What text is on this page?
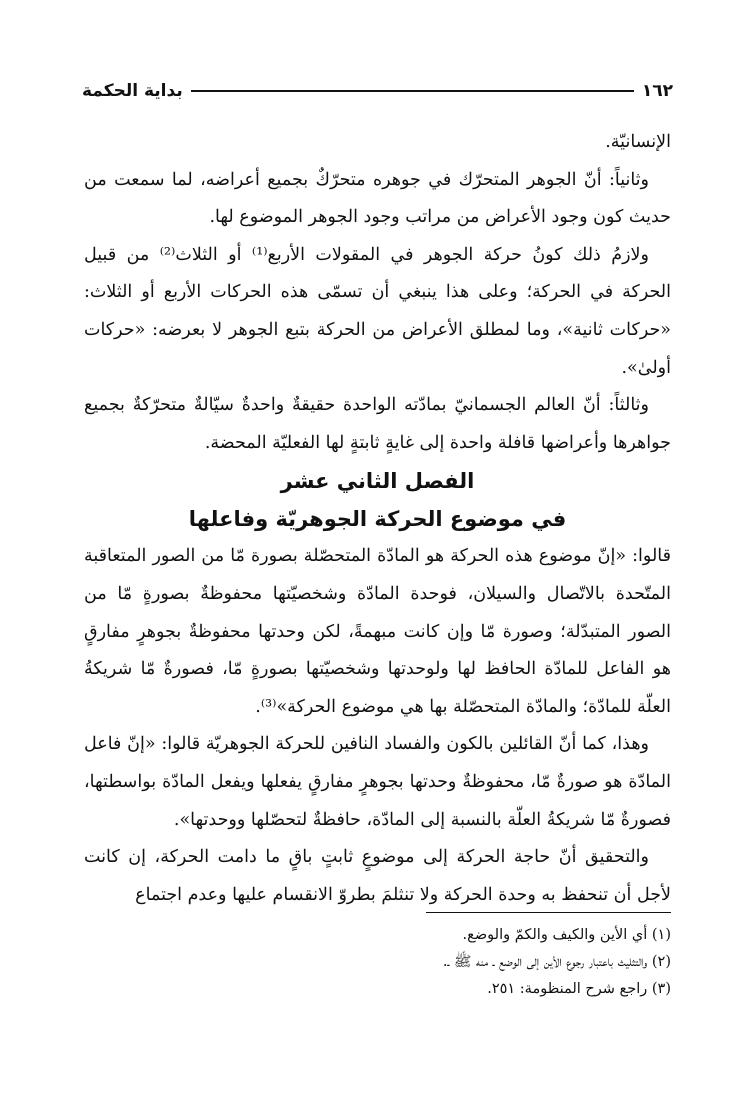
١٦٢
بداية الحكمة

الإنسانيّة.

وثانياً: أنّ الجوهر المتحرّك في جوهره متحرّكٌ بجميع أعراضه، لما سمعت من حديث كون وجود الأعراض من مراتب وجود الجوهر الموضوع لها.

ولازمُ ذلك كونُ حركة الجوهر في المقولات الأربع⁽¹⁾ أو الثلاث⁽²⁾ من قبيل الحركة في الحركة؛ وعلى هذا ينبغي أن تسمّى هذه الحركات الأربع أو الثلاث: «حركات ثانية»، وما لمطلق الأعراض من الحركة بتبع الجوهر لا بعرضه: «حركات أولىٰ».

وثالثاً: أنّ العالم الجسمانيّ بمادّته الواحدة حقيقةٌ واحدةٌ سيّالةٌ متحرّكةٌ بجميع جواهرها وأعراضها قافلة واحدة إلى غايةٍ ثابتةٍ لها الفعليّة المحضة.

الفصل الثاني عشر
في موضوع الحركة الجوهريّة وفاعلها

قالوا: «إنّ موضوع هذه الحركة هو المادّة المتحصّلة بصورة مّا من الصور المتعاقبة المتّحدة بالاتّصال والسيلان، فوحدة المادّة وشخصيّتها محفوظةٌ بصورةٍ مّا من الصور المتبدّلة؛ وصورة مّا وإن كانت مبهمةً، لكن وحدتها محفوظةٌ بجوهرٍ مفارقٍ هو الفاعل للمادّة الحافظ لها ولوحدتها وشخصيّتها بصورةٍ مّا، فصورةٌ مّا شريكةُ العلّة للمادّة؛ والمادّة المتحصّلة بها هي موضوع الحركة»⁽³⁾.

وهذا، كما أنّ القائلين بالكون والفساد النافين للحركة الجوهريّة قالوا: «إنّ فاعل المادّة هو صورةٌ مّا، محفوظةٌ وحدتها بجوهرٍ مفارقٍ يفعلها ويفعل المادّة بواسطتها، فصورةٌ مّا شريكةُ العلّة بالنسبة إلى المادّة، حافظةٌ لتحصّلها ووحدتها».

والتحقيق أنّ حاجة الحركة إلى موضوعٍ ثابتٍ باقٍ ما دامت الحركة، إن كانت لأجل أن تنحفظ به وحدة الحركة ولا تنثلمَ بطروّ الانقسام عليها وعدم اجتماع

(١) أي الأين والكيف والكمّ والوضع.
(٢) والتثليث باعتبار رجوع الأين إلى الوضع ـ منه ﷺ ـ.
(٣) راجع شرح المنظومة: ٢٥١.
